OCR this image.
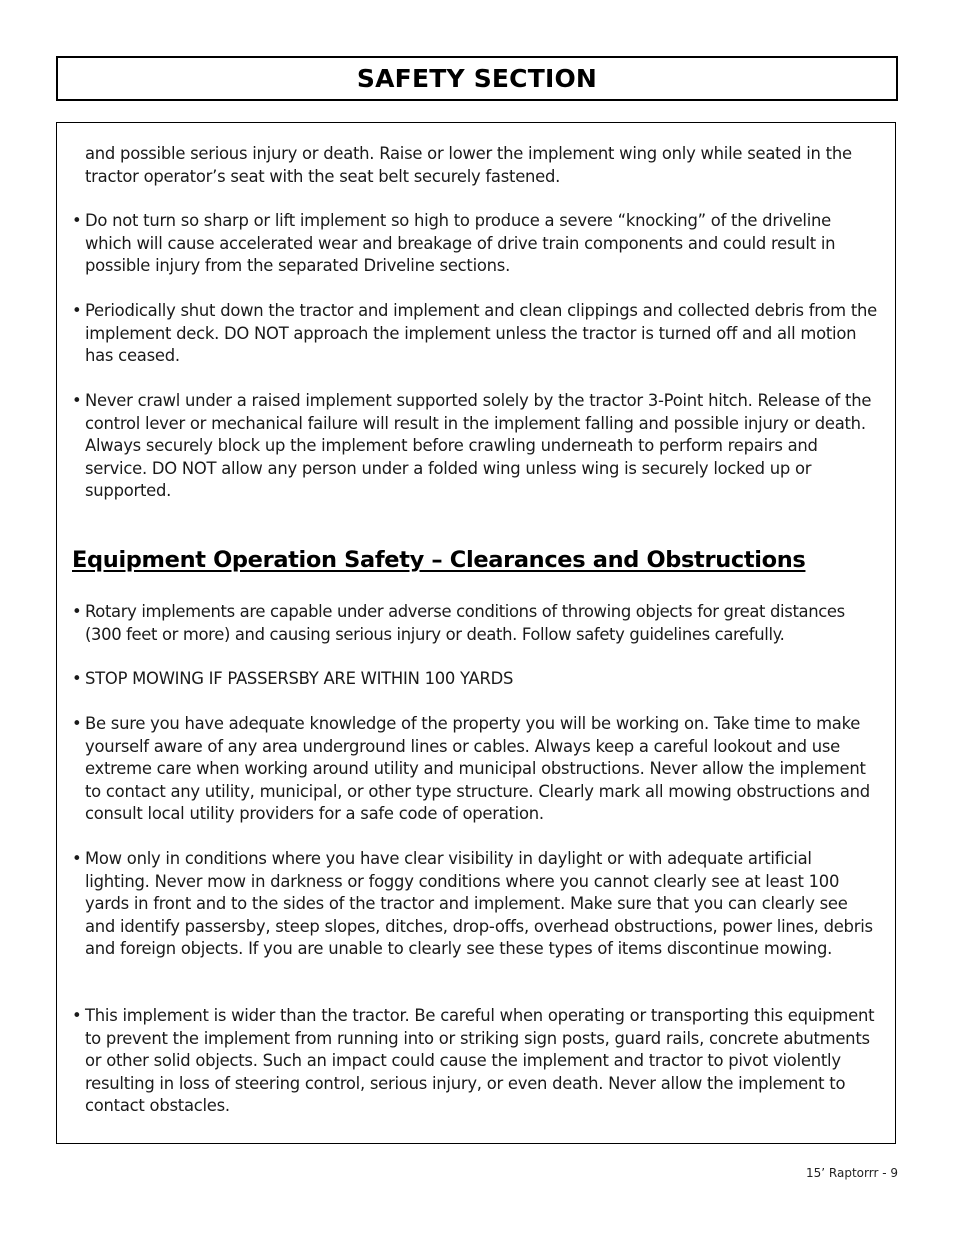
SAFETY SECTION

and possible serious injury or death. Raise or lower the implement wing only while seated in the tractor operator’s seat with the seat belt securely fastened.

• Do not turn so sharp or lift implement so high to produce a severe “knocking” of the driveline which will cause accelerated wear and breakage of drive train components and could result in possible injury from the separated Driveline sections.

• Periodically shut down the tractor and implement and clean clippings and collected debris from the implement deck. DO NOT approach the implement unless the tractor is turned off and all motion has ceased.

• Never crawl under a raised implement supported solely by the tractor 3-Point hitch. Release of the control lever or mechanical failure will result in the implement falling and possible injury or death. Always securely block up the implement before crawling underneath to perform repairs and service. DO NOT allow any person under a folded wing unless wing is securely locked up or supported.

Equipment Operation Safety – Clearances and Obstructions
• Rotary implements are capable under adverse conditions of throwing objects for great distances (300 feet or more) and causing serious injury or death. Follow safety guidelines carefully.

• STOP MOWING IF PASSERSBY ARE WITHIN 100 YARDS

• Be sure you have adequate knowledge of the property you will be working on. Take time to make yourself aware of any area underground lines or cables. Always keep a careful lookout and use extreme care when working around utility and municipal obstructions. Never allow the implement to contact any utility, municipal, or other type structure. Clearly mark all mowing obstructions and consult local utility providers for a safe code of operation.

• Mow only in conditions where you have clear visibility in daylight or with adequate artificial lighting. Never mow in darkness or foggy conditions where you cannot clearly see at least 100 yards in front and to the sides of the tractor and implement. Make sure that you can clearly see and identify passersby, steep slopes, ditches, drop-offs, overhead obstructions, power lines, debris and foreign objects. If you are unable to clearly see these types of items discontinue mowing.

• This implement is wider than the tractor. Be careful when operating or transporting this equipment to prevent the implement from running into or striking sign posts, guard rails, concrete abutments or other solid objects. Such an impact could cause the implement and tractor to pivot violently resulting in loss of steering control, serious injury, or even death. Never allow the implement to contact obstacles.

15’ Raptorrr - 9
